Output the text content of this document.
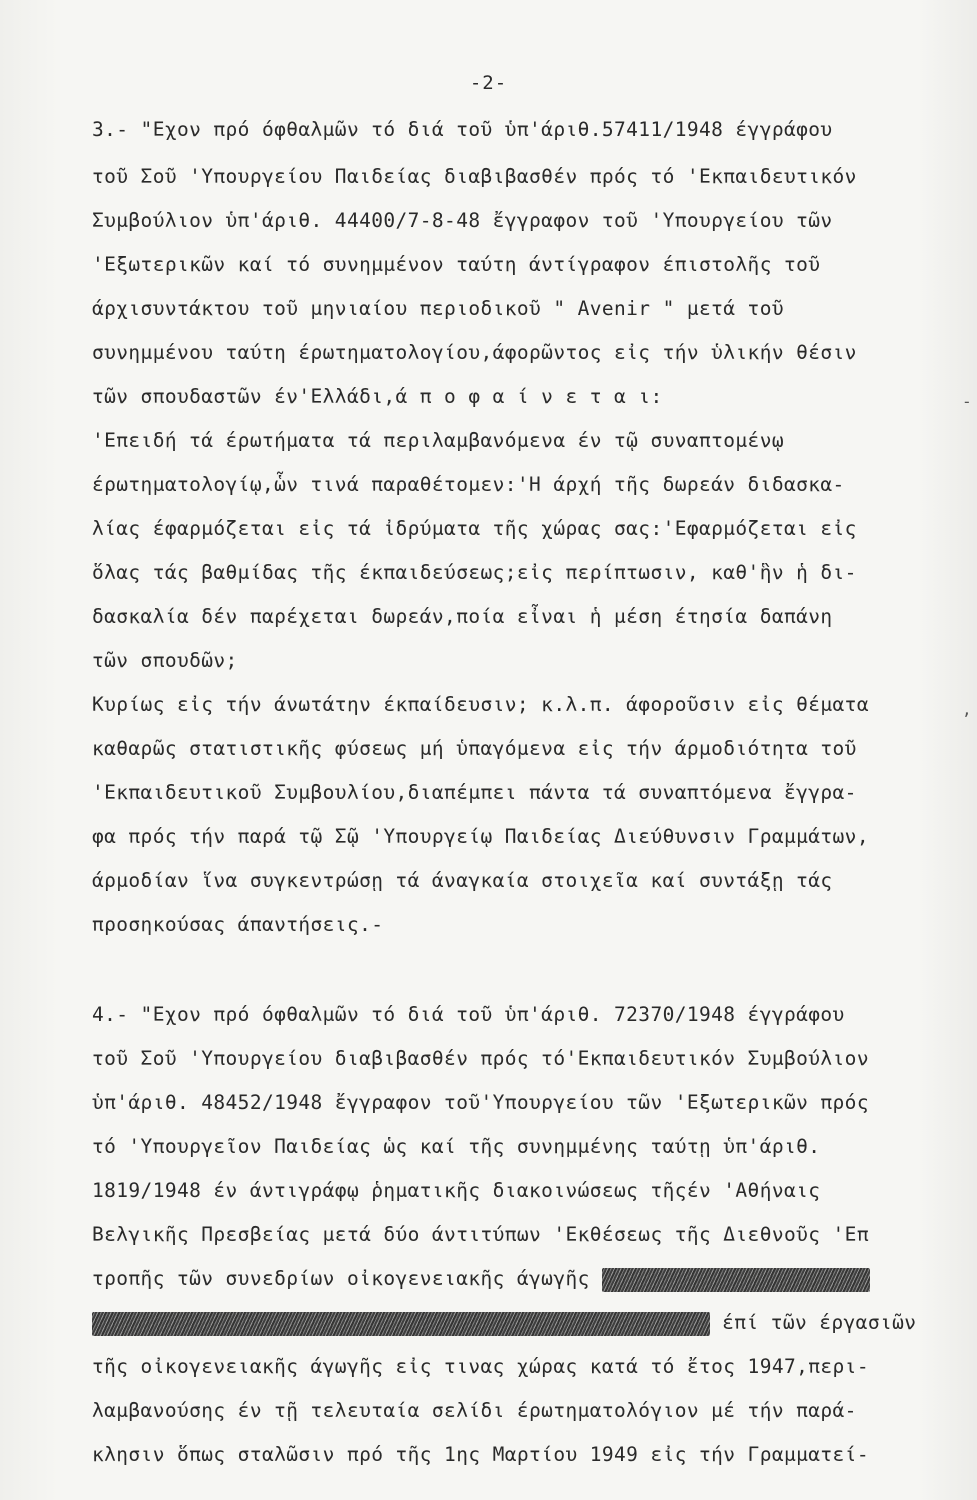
-2-
3.- "Εχον πρό όφθαλμῶν τό διά τοῦ ὑπ'άριθ.57411/1948 έγγράφου
τοῦ Σοῦ 'Υπουργείου Παιδείας διαβιβασθέν πρός τό 'Εκπαιδευτικόν
Συμβούλιον ὑπ'άριθ. 44400/7-8-48 ἔγγραφον τοῦ 'Υπουργείου τῶν
'Εξωτερικῶν καί τό συνημμένον ταύτη άντίγραφον έπιστολῆς τοῦ
άρχισυντάκτου τοῦ μηνιαίου περιοδικοῦ " Avenir " μετά τοῦ
συνημμένου ταύτη έρωτηματολογίου,άφορῶντος εἰς τήν ὑλικήν θέσιν
τῶν σπουδαστῶν έν'Ελλάδι,ά π ο φ α ί ν ε τ α ι:
'Επειδή τά έρωτήματα τά περιλαμβανόμενα έν τῷ συναπτομένῳ
έρωτηματολογίῳ,ὧν τινά παραθέτομεν:'Η άρχή τῆς δωρεάν διδασκα-
λίας έφαρμόζεται εἰς τά ἰδρύματα τῆς χώρας σας:'Εφαρμόζεται εἰς
ὅλας τάς βαθμίδας τῆς έκπαιδεύσεως;εἰς περίπτωσιν, καθ'ἣν ἡ δι-
δασκαλία δέν παρέχεται δωρεάν,ποία εἶναι ἡ μέση έτησία δαπάνη
τῶν σπουδῶν;
Κυρίως εἰς τήν άνωτάτην έκπαίδευσιν; κ.λ.π. άφοροῦσιν εἰς θέματα
καθαρῶς στατιστικῆς φύσεως μή ὑπαγόμενα εἰς τήν άρμοδιότητα τοῦ
'Εκπαιδευτικοῦ Συμβουλίου,διαπέμπει πάντα τά συναπτόμενα ἔγγρα-
φα πρός τήν παρά τῷ Σῷ 'Υπουργείῳ Παιδείας Διεύθυνσιν Γραμμάτων,
άρμοδίαν ἵνα συγκεντρώσῃ τά άναγκαία στοιχεῖα καί συντάξῃ τάς
προσηκούσας άπαντήσεις.-
4.- "Εχον πρό όφθαλμῶν τό διά τοῦ ὑπ'άριθ. 72370/1948 έγγράφου
τοῦ Σοῦ 'Υπουργείου διαβιβασθέν πρός τό'Εκπαιδευτικόν Συμβούλιον
ὑπ'άριθ. 48452/1948 ἔγγραφον τοῦ'Υπουργείου τῶν 'Εξωτερικῶν πρός
τό 'Υπουργεῖον Παιδείας ὡς καί τῆς συνημμένης ταύτῃ ὑπ'άριθ.
1819/1948 έν άντιγράφῳ ῥηματικῆς διακοινώσεως τῆςέν 'Αθήναις
Βελγικῆς Πρεσβείας μετά δύο άντιτύπων 'Εκθέσεως τῆς Διεθνοῦς 'Επ
τροπῆς τῶν συνεδρίων οἰκογενειακῆς άγωγῆς
έπί τῶν έργασιῶν
τῆς οἰκογενειακῆς άγωγῆς εἰς τινας χώρας κατά τό ἔτος 1947,περι-
λαμβανούσης έν τῇ τελευταία σελίδι έρωτηματολόγιον μέ τήν παρά-
κλησιν ὅπως σταλῶσιν πρό τῆς 1ης Μαρτίου 1949 εἰς τήν Γραμματεί-
-
,
